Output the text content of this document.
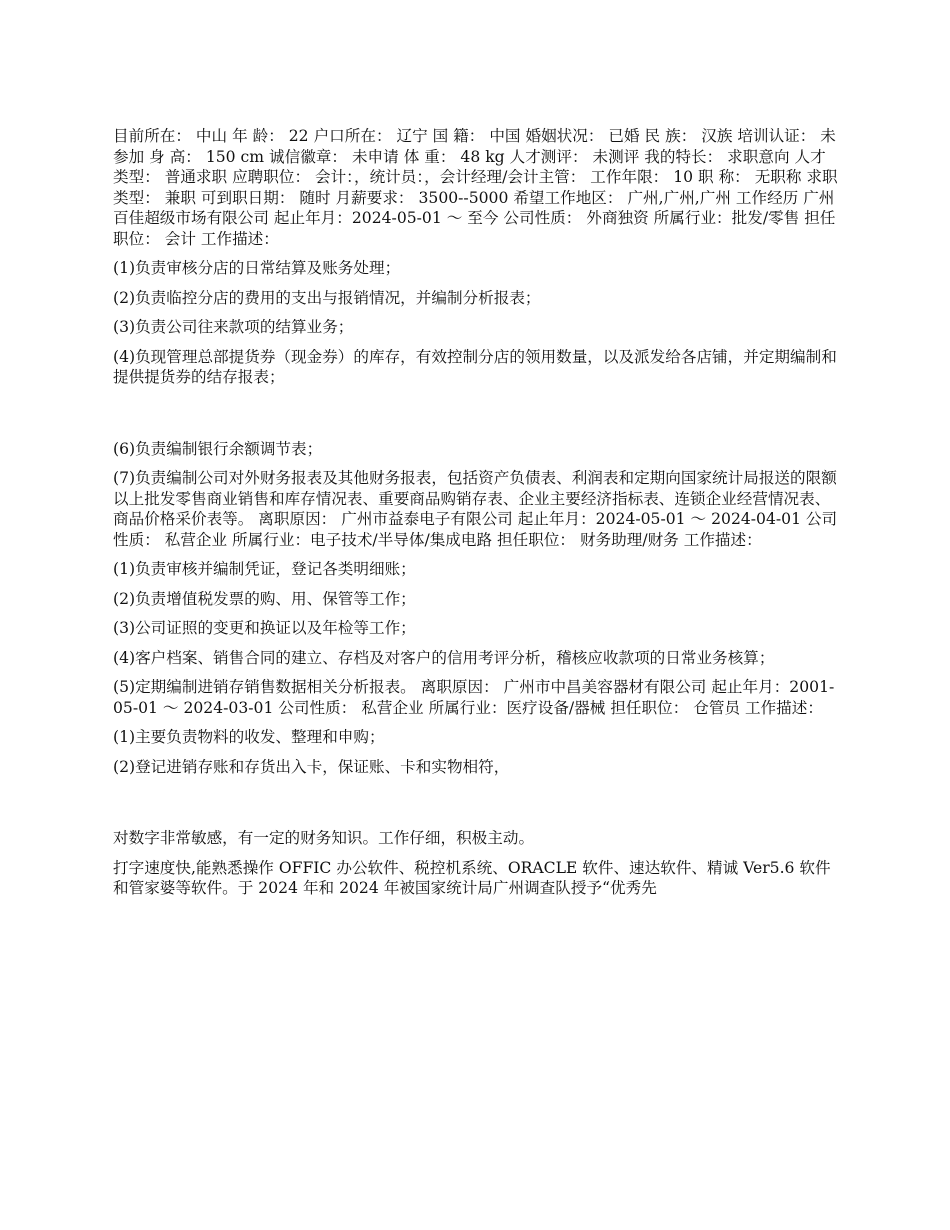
目前所在： 中山 年 龄： 22 户口所在： 辽宁 国 籍： 中国 婚姻状况： 已婚 民 族： 汉族 培训认证： 未参加 身 高： 150 cm 诚信徽章： 未申请 体 重： 48 kg 人才测评： 未测评 我的特长： 求职意向 人才类型： 普通求职 应聘职位： 会计：，统计员：，会计经理/会计主管： 工作年限： 10 职 称： 无职称 求职类型： 兼职 可到职日期： 随时 月薪要求： 3500--5000 希望工作地区： 广州,广州,广州 工作经历 广州百佳超级市场有限公司 起止年月：2024-05-01 ～ 至今 公司性质： 外商独资 所属行业：批发/零售 担任职位： 会计 工作描述：

(1)负责审核分店的日常结算及账务处理；

(2)负责临控分店的费用的支出与报销情况，并编制分析报表；

(3)负责公司往来款项的结算业务；

(4)负现管理总部提货券（现金券）的库存，有效控制分店的领用数量，以及派发给各店铺，并定期编制和提供提货券的结存报表；

(6)负责编制银行余额调节表；

(7)负责编制公司对外财务报表及其他财务报表，包括资产负债表、利润表和定期向国家统计局报送的限额以上批发零售商业销售和库存情况表、重要商品购销存表、企业主要经济指标表、连锁企业经营情况表、商品价格采价表等。 离职原因： 广州市益泰电子有限公司 起止年月：2024-05-01 ～ 2024-04-01 公司性质： 私营企业 所属行业：电子技术/半导体/集成电路 担任职位： 财务助理/财务 工作描述：

(1)负责审核并编制凭证，登记各类明细账；

(2)负责增值税发票的购、用、保管等工作；

(3)公司证照的变更和换证以及年检等工作；

(4)客户档案、销售合同的建立、存档及对客户的信用考评分析，稽核应收款项的日常业务核算；

(5)定期编制进销存销售数据相关分析报表。 离职原因： 广州市中昌美容器材有限公司 起止年月：2001-05-01 ～ 2024-03-01 公司性质： 私营企业 所属行业：医疗设备/器械 担任职位： 仓管员 工作描述：

(1)主要负责物料的收发、整理和申购；

(2)登记进销存账和存货出入卡，保证账、卡和实物相符，

对数字非常敏感，有一定的财务知识。工作仔细，积极主动。

打字速度快,能熟悉操作 OFFIC 办公软件、税控机系统、ORACLE 软件、速达软件、精诚 Ver5.6 软件和管家婆等软件。于 2024 年和 2024 年被国家统计局广州调查队授予“优秀先
